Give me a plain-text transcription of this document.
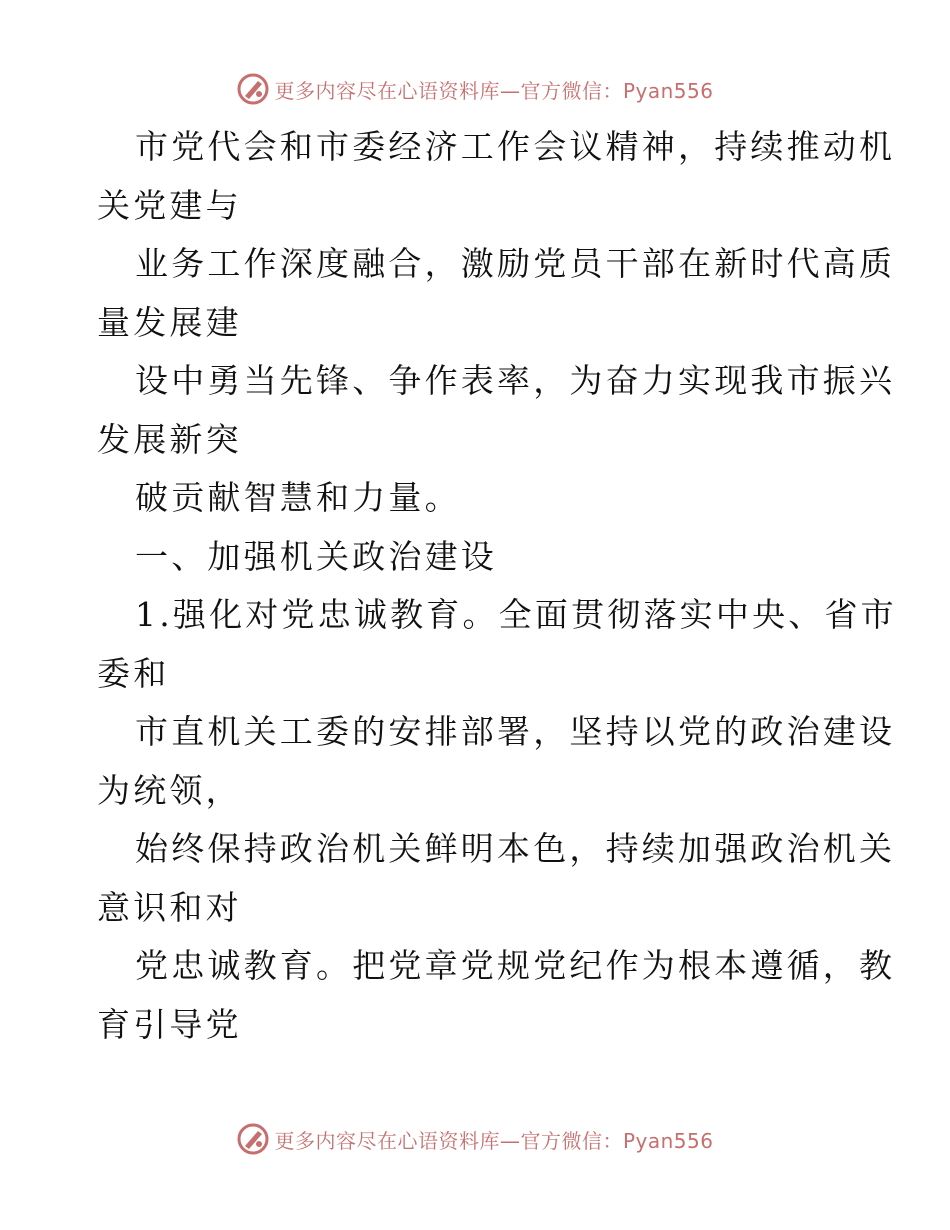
更多内容尽在心语资料库—官方微信：Pyan556
市党代会和市委经济工作会议精神，持续推动机
关党建与
业务工作深度融合，激励党员干部在新时代高质
量发展建
设中勇当先锋、争作表率，为奋力实现我市振兴
发展新突
破贡献智慧和力量。
一、加强机关政治建设
1.强化对党忠诚教育。全面贯彻落实中央、省市
委和
市直机关工委的安排部署，坚持以党的政治建设
为统领，
始终保持政治机关鲜明本色，持续加强政治机关
意识和对
党忠诚教育。把党章党规党纪作为根本遵循，教
育引导党
更多内容尽在心语资料库—官方微信：Pyan556
